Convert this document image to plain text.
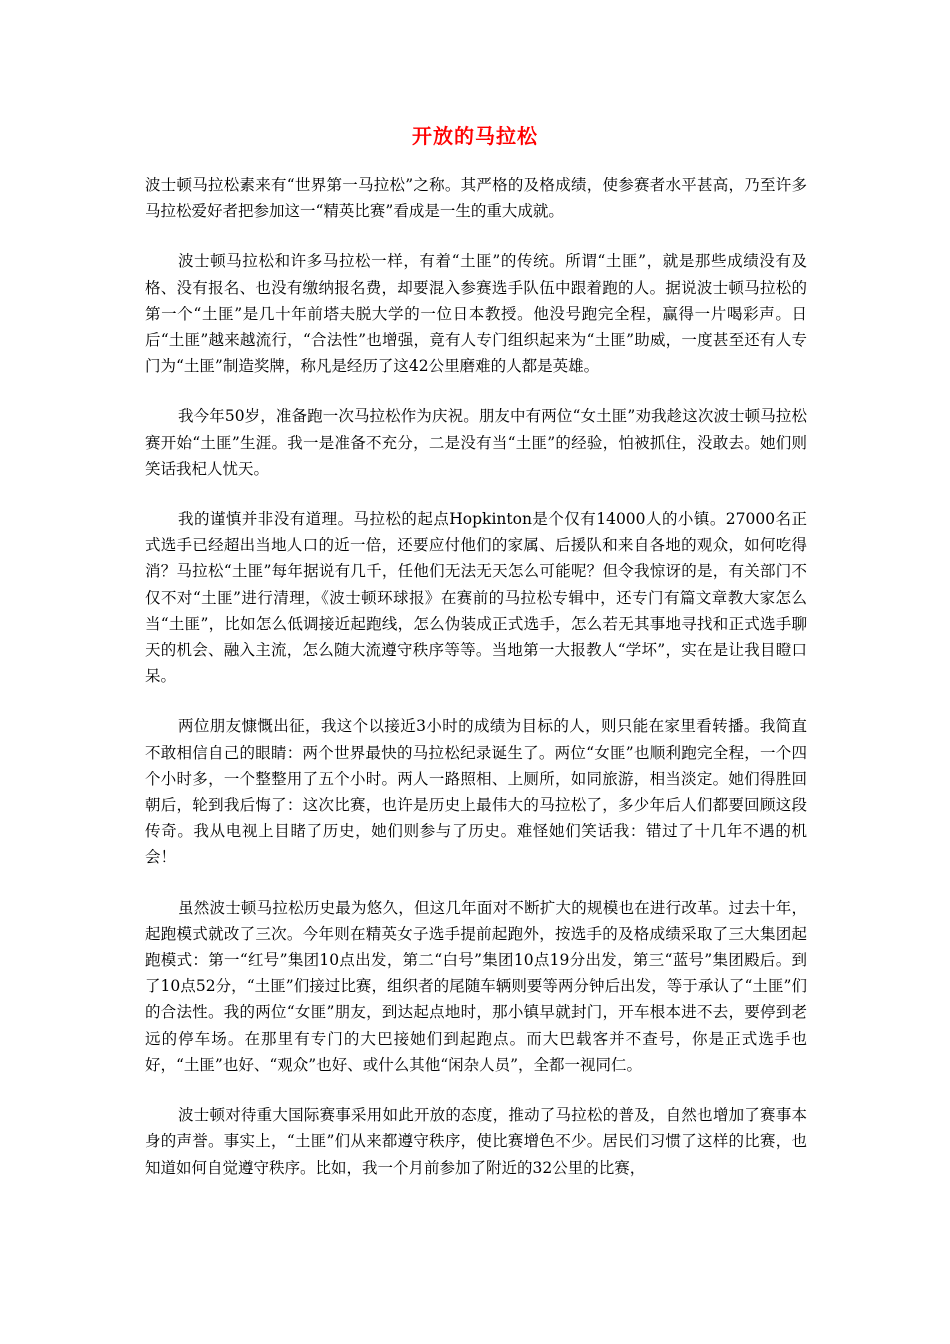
开放的马拉松

波士顿马拉松素来有“世界第一马拉松”之称。其严格的及格成绩，使参赛者水平甚高，乃至许多马拉松爱好者把参加这一“精英比赛”看成是一生的重大成就。

波士顿马拉松和许多马拉松一样，有着“土匪”的传统。所谓“土匪”，就是那些成绩没有及格、没有报名、也没有缴纳报名费，却要混入参赛选手队伍中跟着跑的人。据说波士顿马拉松的第一个“土匪”是几十年前塔夫脱大学的一位日本教授。他没号跑完全程，赢得一片喝彩声。日后“土匪”越来越流行，“合法性”也增强，竟有人专门组织起来为“土匪”助威，一度甚至还有人专门为“土匪”制造奖牌，称凡是经历了这42公里磨难的人都是英雄。

我今年50岁，准备跑一次马拉松作为庆祝。朋友中有两位“女土匪”劝我趁这次波士顿马拉松赛开始“土匪”生涯。我一是准备不充分，二是没有当“土匪”的经验，怕被抓住，没敢去。她们则笑话我杞人忧天。

我的谨慎并非没有道理。马拉松的起点Hopkinton是个仅有14000人的小镇。27000名正式选手已经超出当地人口的近一倍，还要应付他们的家属、后援队和来自各地的观众，如何吃得消？马拉松“土匪”每年据说有几千，任他们无法无天怎么可能呢？但令我惊讶的是，有关部门不仅不对“土匪”进行清理，《波士顿环球报》在赛前的马拉松专辑中，还专门有篇文章教大家怎么当“土匪”，比如怎么低调接近起跑线，怎么伪装成正式选手，怎么若无其事地寻找和正式选手聊天的机会、融入主流，怎么随大流遵守秩序等等。当地第一大报教人“学坏”，实在是让我目瞪口呆。

两位朋友慷慨出征，我这个以接近3小时的成绩为目标的人，则只能在家里看转播。我简直不敢相信自己的眼睛：两个世界最快的马拉松纪录诞生了。两位“女匪”也顺利跑完全程，一个四个小时多，一个整整用了五个小时。两人一路照相、上厕所，如同旅游，相当淡定。她们得胜回朝后，轮到我后悔了：这次比赛，也许是历史上最伟大的马拉松了，多少年后人们都要回顾这段传奇。我从电视上目睹了历史，她们则参与了历史。难怪她们笑话我：错过了十几年不遇的机会！

虽然波士顿马拉松历史最为悠久，但这几年面对不断扩大的规模也在进行改革。过去十年，起跑模式就改了三次。今年则在精英女子选手提前起跑外，按选手的及格成绩采取了三大集团起跑模式：第一“红号”集团10点出发，第二“白号”集团10点19分出发，第三“蓝号”集团殿后。到了10点52分，“土匪”们接过比赛，组织者的尾随车辆则要等两分钟后出发，等于承认了“土匪”们的合法性。我的两位“女匪”朋友，到达起点地时，那小镇早就封门，开车根本进不去，要停到老远的停车场。在那里有专门的大巴接她们到起跑点。而大巴载客并不查号，你是正式选手也好，“土匪”也好、“观众”也好、或什么其他“闲杂人员”，全都一视同仁。

波士顿对待重大国际赛事采用如此开放的态度，推动了马拉松的普及，自然也增加了赛事本身的声誉。事实上，“土匪”们从来都遵守秩序，使比赛增色不少。居民们习惯了这样的比赛，也知道如何自觉遵守秩序。比如，我一个月前参加了附近的32公里的比赛，
